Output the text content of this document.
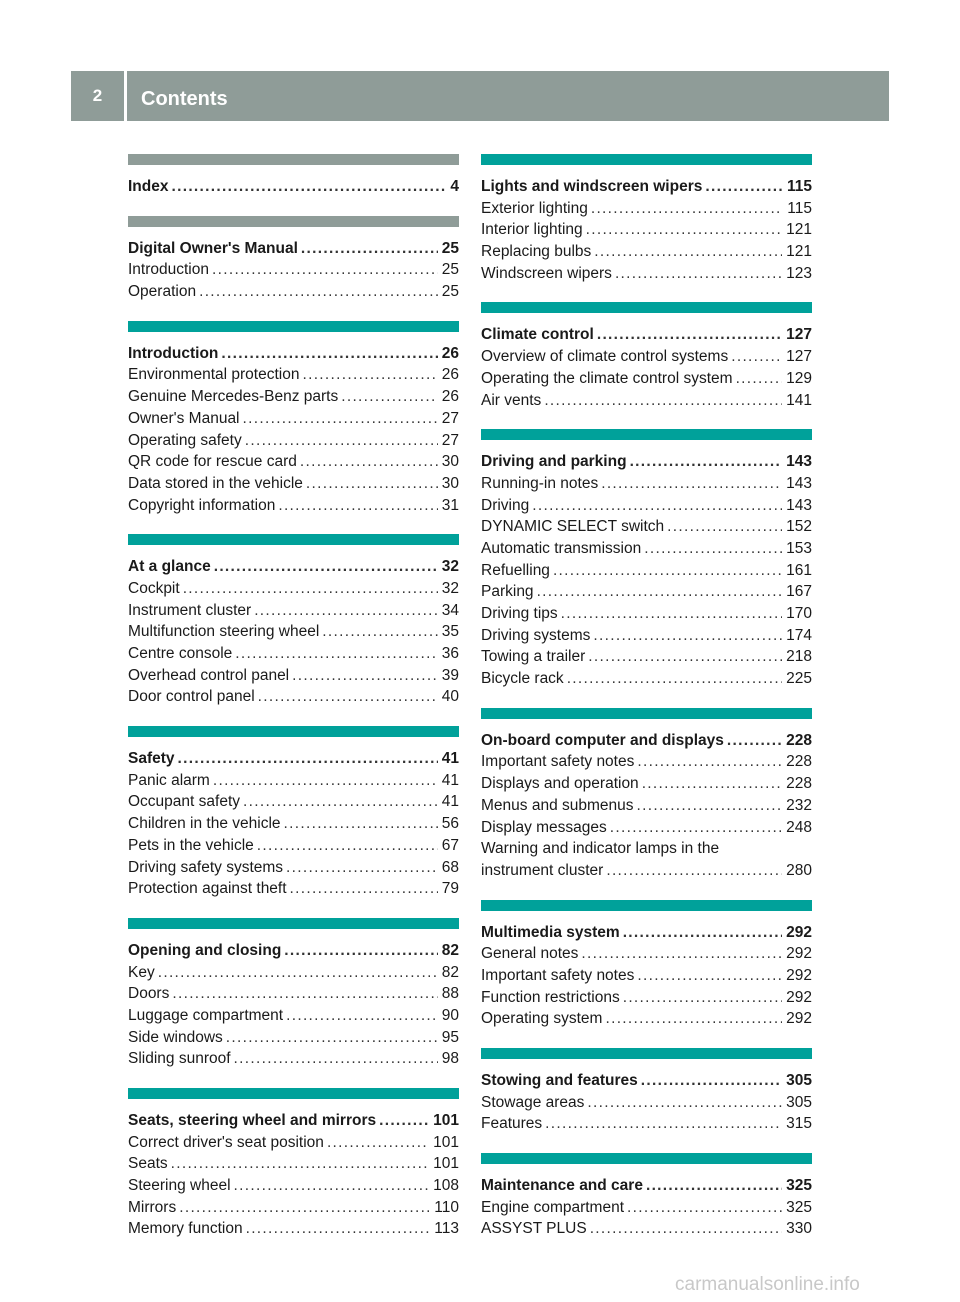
2	Contents
Index . . .	4
Digital Owner's Manual . . .	25
Introduction . . .	25
Operation . . .	25
Introduction . . .	26
Environmental protection . . .	26
Genuine Mercedes-Benz parts . . .	26
Owner's Manual . . .	27
Operating safety . . .	27
QR code for rescue card . . .	30
Data stored in the vehicle . . .	30
Copyright information . . .	31
At a glance . . .	32
Cockpit . . .	32
Instrument cluster . . .	34
Multifunction steering wheel . . .	35
Centre console . . .	36
Overhead control panel . . .	39
Door control panel . . .	40
Safety . . .	41
Panic alarm . . .	41
Occupant safety . . .	41
Children in the vehicle . . .	56
Pets in the vehicle . . .	67
Driving safety systems . . .	68
Protection against theft . . .	79
Opening and closing . . .	82
Key . . .	82
Doors . . .	88
Luggage compartment . . .	90
Side windows . . .	95
Sliding sunroof . . .	98
Seats, steering wheel and mirrors . . .	101
Correct driver's seat position . . .	101
Seats . . .	101
Steering wheel . . .	108
Mirrors . . .	110
Memory function . . .	113
Lights and windscreen wipers . . .	115
Exterior lighting . . .	115
Interior lighting . . .	121
Replacing bulbs . . .	121
Windscreen wipers . . .	123
Climate control . . .	127
Overview of climate control systems . . .	127
Operating the climate control system . . .	129
Air vents . . .	141
Driving and parking . . .	143
Running-in notes . . .	143
Driving . . .	143
DYNAMIC SELECT switch . . .	152
Automatic transmission . . .	153
Refuelling . . .	161
Parking . . .	167
Driving tips . . .	170
Driving systems . . .	174
Towing a trailer . . .	218
Bicycle rack . . .	225
On-board computer and displays . . .	228
Important safety notes . . .	228
Displays and operation . . .	228
Menus and submenus . . .	232
Display messages . . .	248
Warning and indicator lamps in the
instrument cluster . . .	280
Multimedia system . . .	292
General notes . . .	292
Important safety notes . . .	292
Function restrictions . . .	292
Operating system . . .	292
Stowing and features . . .	305
Stowage areas . . .	305
Features . . .	315
Maintenance and care . . .	325
Engine compartment . . .	325
ASSYST PLUS . . .	330
carmanualsonline.info
